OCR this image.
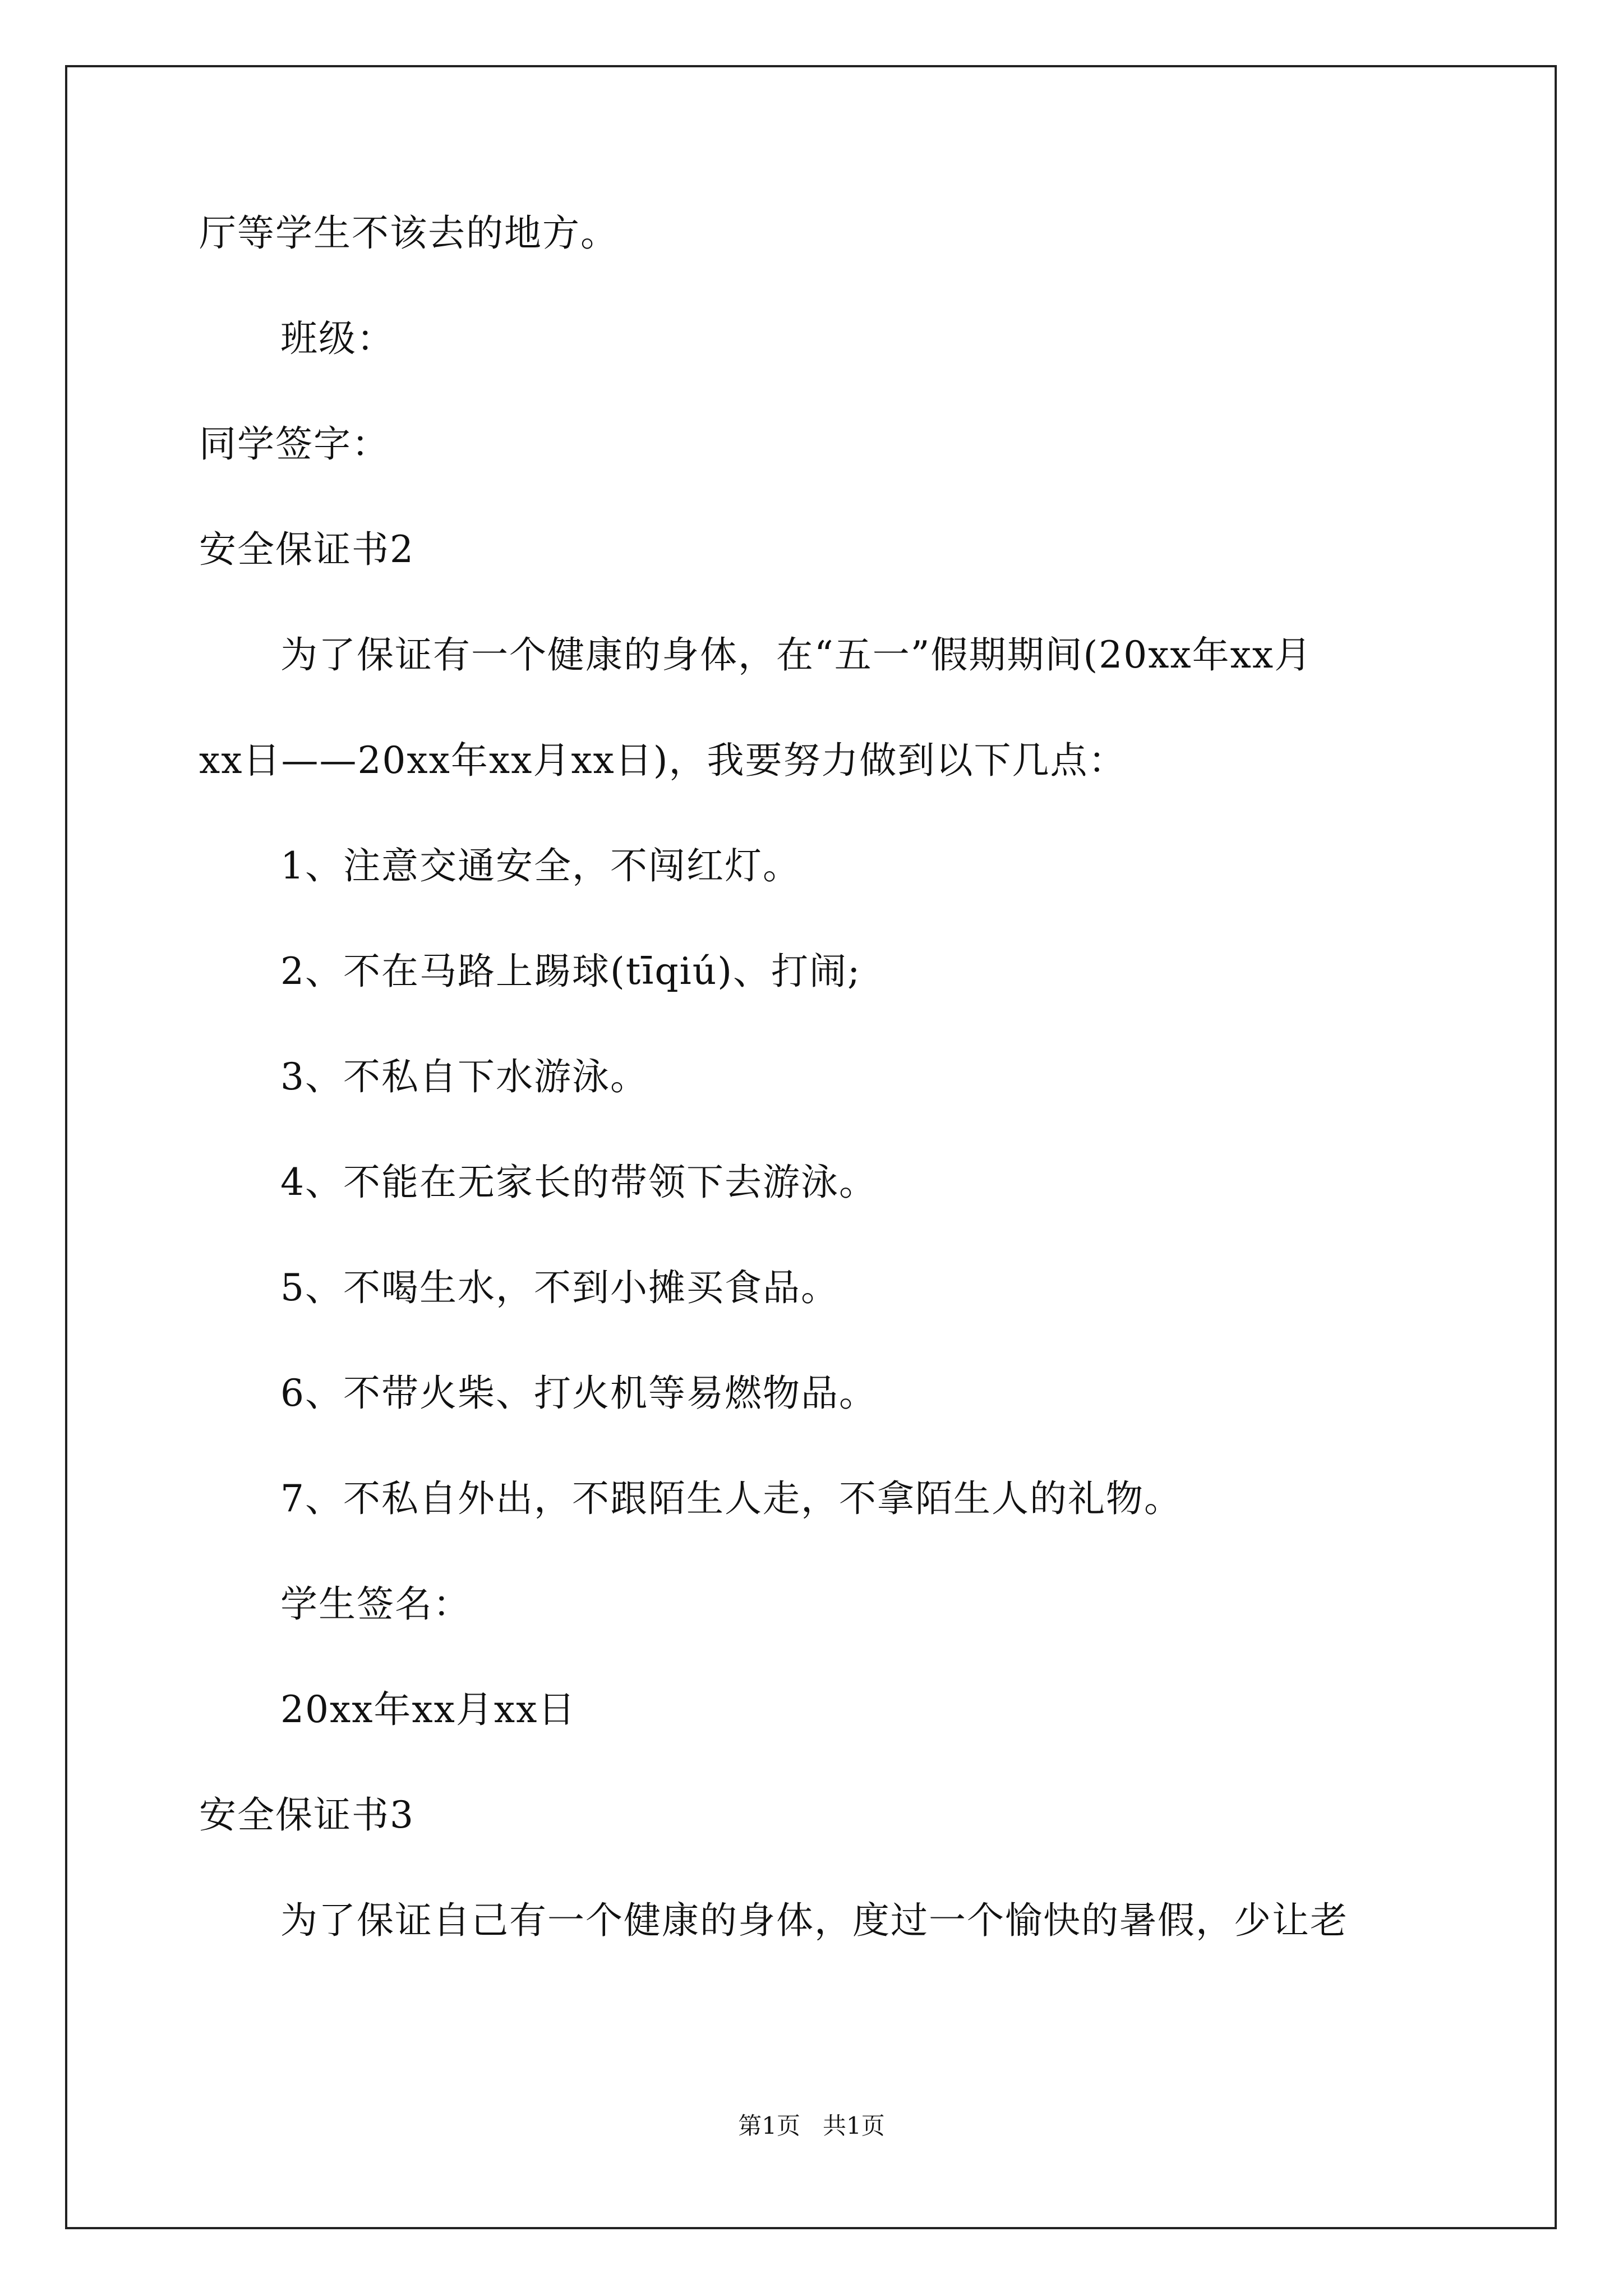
厅等学生不该去的地方。
班级：
同学签字：
安全保证书2
为了保证有一个健康的身体，在“五一”假期期间(20xx年xx月
xx日——20xx年xx月xx日)，我要努力做到以下几点：
1、注意交通安全，不闯红灯。
2、不在马路上踢球(tīqiú)、打闹;
3、不私自下水游泳。
4、不能在无家长的带领下去游泳。
5、不喝生水，不到小摊买食品。
6、不带火柴、打火机等易燃物品。
7、不私自外出，不跟陌生人走，不拿陌生人的礼物。
学生签名：
20xx年xx月xx日
安全保证书3
为了保证自己有一个健康的身体，度过一个愉快的暑假，少让老
第1页   共1页
